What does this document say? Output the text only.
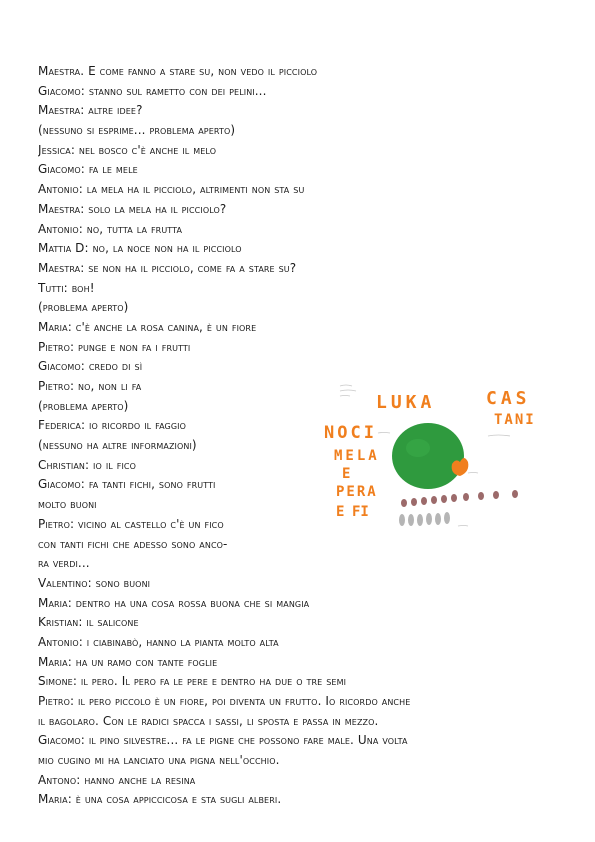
Maestra. E come fanno a stare su, non vedo il picciolo
Giacomo: stanno sul rametto con dei pelini...
Maestra: altre idee?
(nessuno si esprime... problema aperto)
Jessica: nel bosco c'è anche il melo
Giacomo: fa le mele
Antonio: la mela ha il picciolo, altrimenti non sta su
Maestra: solo la mela ha il picciolo?
Antonio: no, tutta la frutta
Mattia D: no, la noce non ha il picciolo
Maestra: se non ha il picciolo, come fa a stare su?
Tutti: boh!
(problema aperto)
Maria: c'è anche la rosa canina, è un fiore
Pietro: punge e non fa i frutti
Giacomo: credo di sì
Pietro: no, non li fa
(problema aperto)
Federica: io ricordo il faggio
(nessuno ha altre informazioni)
Christian: io il fico
Giacomo: fa tanti fichi, sono frutti
molto buoni
Pietro: vicino al castello c'è un fico
con tanti fichi che adesso sono anco-
ra verdi...
Valentino: sono buoni
Maria: dentro ha una cosa rossa buona che si mangia
Kristian: il salicone
Antonio: i ciabinabò, hanno la pianta molto alta
Maria: ha un ramo con tante foglie
Simone: il pero. Il pero fa le pere e dentro ha due o tre semi
Pietro: il pero piccolo è un fiore, poi diventa un frutto. Io ricordo anche
il bagolaro. Con le radici spacca i sassi, li sposta e passa in mezzo.
Giacomo: il pino silvestre... fa le pigne che possono fare male. Una volta
mio cugino mi ha lanciato una pigna nell'occhio.
Antono: hanno anche la resina
Maria: è una cosa appiccicosa e sta sugli alberi.
LUKA	CAS
TANI
NOCI
MELA
E
PERA
E FI
